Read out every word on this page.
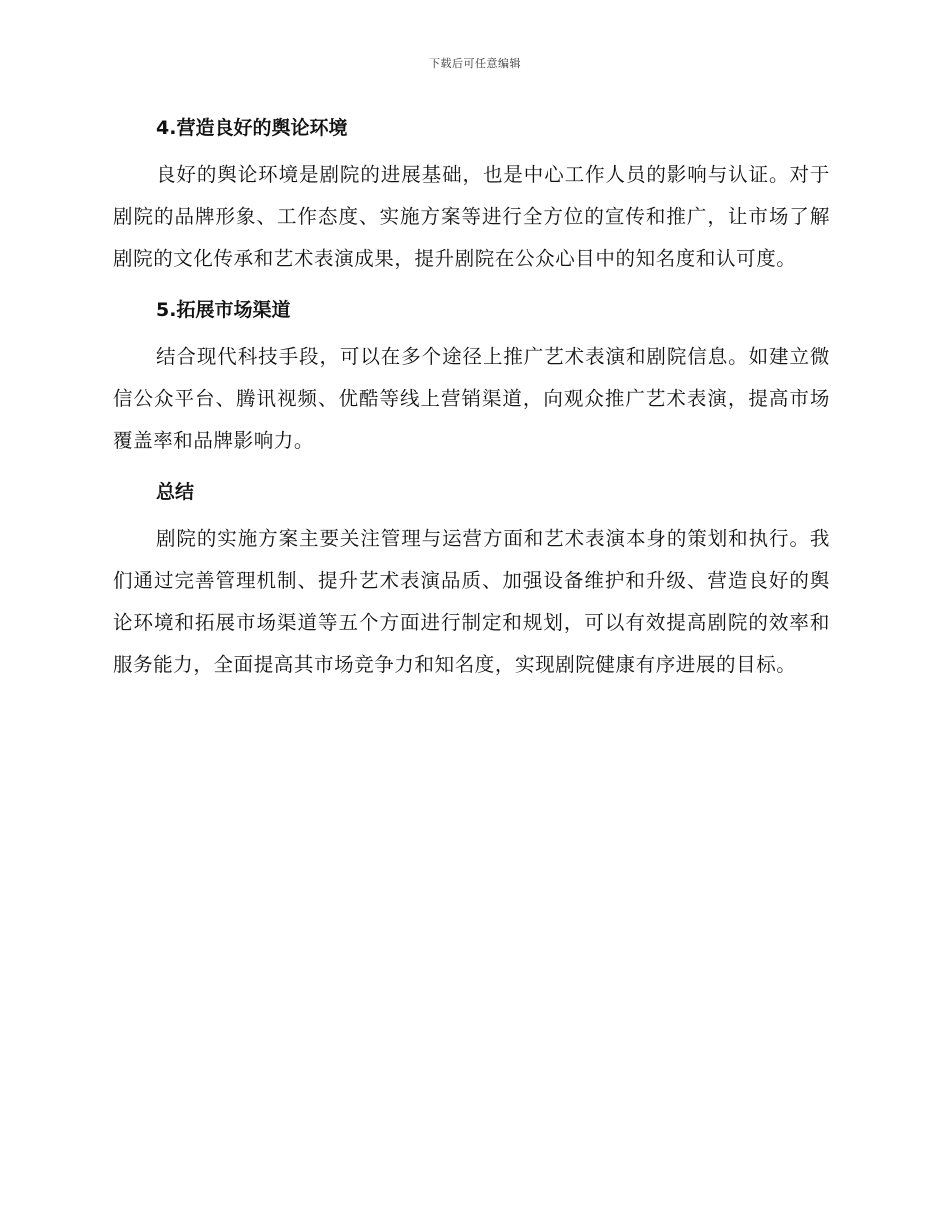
下载后可任意编辑
4.营造良好的舆论环境

良好的舆论环境是剧院的进展基础，也是中心工作人员的影响与认证。对于剧院的品牌形象、工作态度、实施方案等进行全方位的宣传和推广，让市场了解剧院的文化传承和艺术表演成果，提升剧院在公众心目中的知名度和认可度。

5.拓展市场渠道

结合现代科技手段，可以在多个途径上推广艺术表演和剧院信息。如建立微信公众平台、腾讯视频、优酷等线上营销渠道，向观众推广艺术表演，提高市场覆盖率和品牌影响力。

总结

剧院的实施方案主要关注管理与运营方面和艺术表演本身的策划和执行。我们通过完善管理机制、提升艺术表演品质、加强设备维护和升级、营造良好的舆论环境和拓展市场渠道等五个方面进行制定和规划，可以有效提高剧院的效率和服务能力，全面提高其市场竞争力和知名度，实现剧院健康有序进展的目标。
